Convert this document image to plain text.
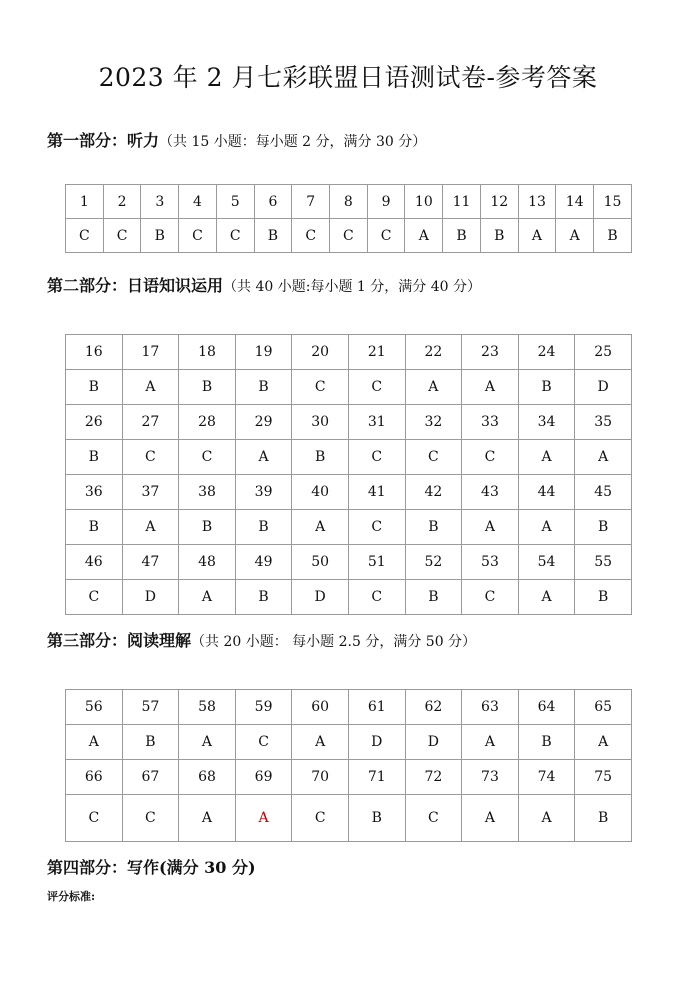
2023 年 2 月七彩联盟日语测试卷-参考答案
第一部分：听力（共 15 小题：每小题 2 分，满分 30 分）
1	2	3	4	5	6	7	8	9	10	11	12	13	14	15
C	C	B	C	C	B	C	C	C	A	B	B	A	A	B
第二部分：日语知识运用（共 40 小题:每小题 1 分，满分 40 分）
16	17	18	19	20	21	22	23	24	25
B	A	B	B	C	C	A	A	B	D
26	27	28	29	30	31	32	33	34	35
B	C	C	A	B	C	C	C	A	A
36	37	38	39	40	41	42	43	44	45
B	A	B	B	A	C	B	A	A	B
46	47	48	49	50	51	52	53	54	55
C	D	A	B	D	C	B	C	A	B
第三部分：阅读理解（共 20 小题： 每小题 2.5 分，满分 50 分）
56	57	58	59	60	61	62	63	64	65
A	B	A	C	A	D	D	A	B	A
66	67	68	69	70	71	72	73	74	75
C	C	A	A	C	B	C	A	A	B
第四部分：写作(满分 30 分)
评分标准:
